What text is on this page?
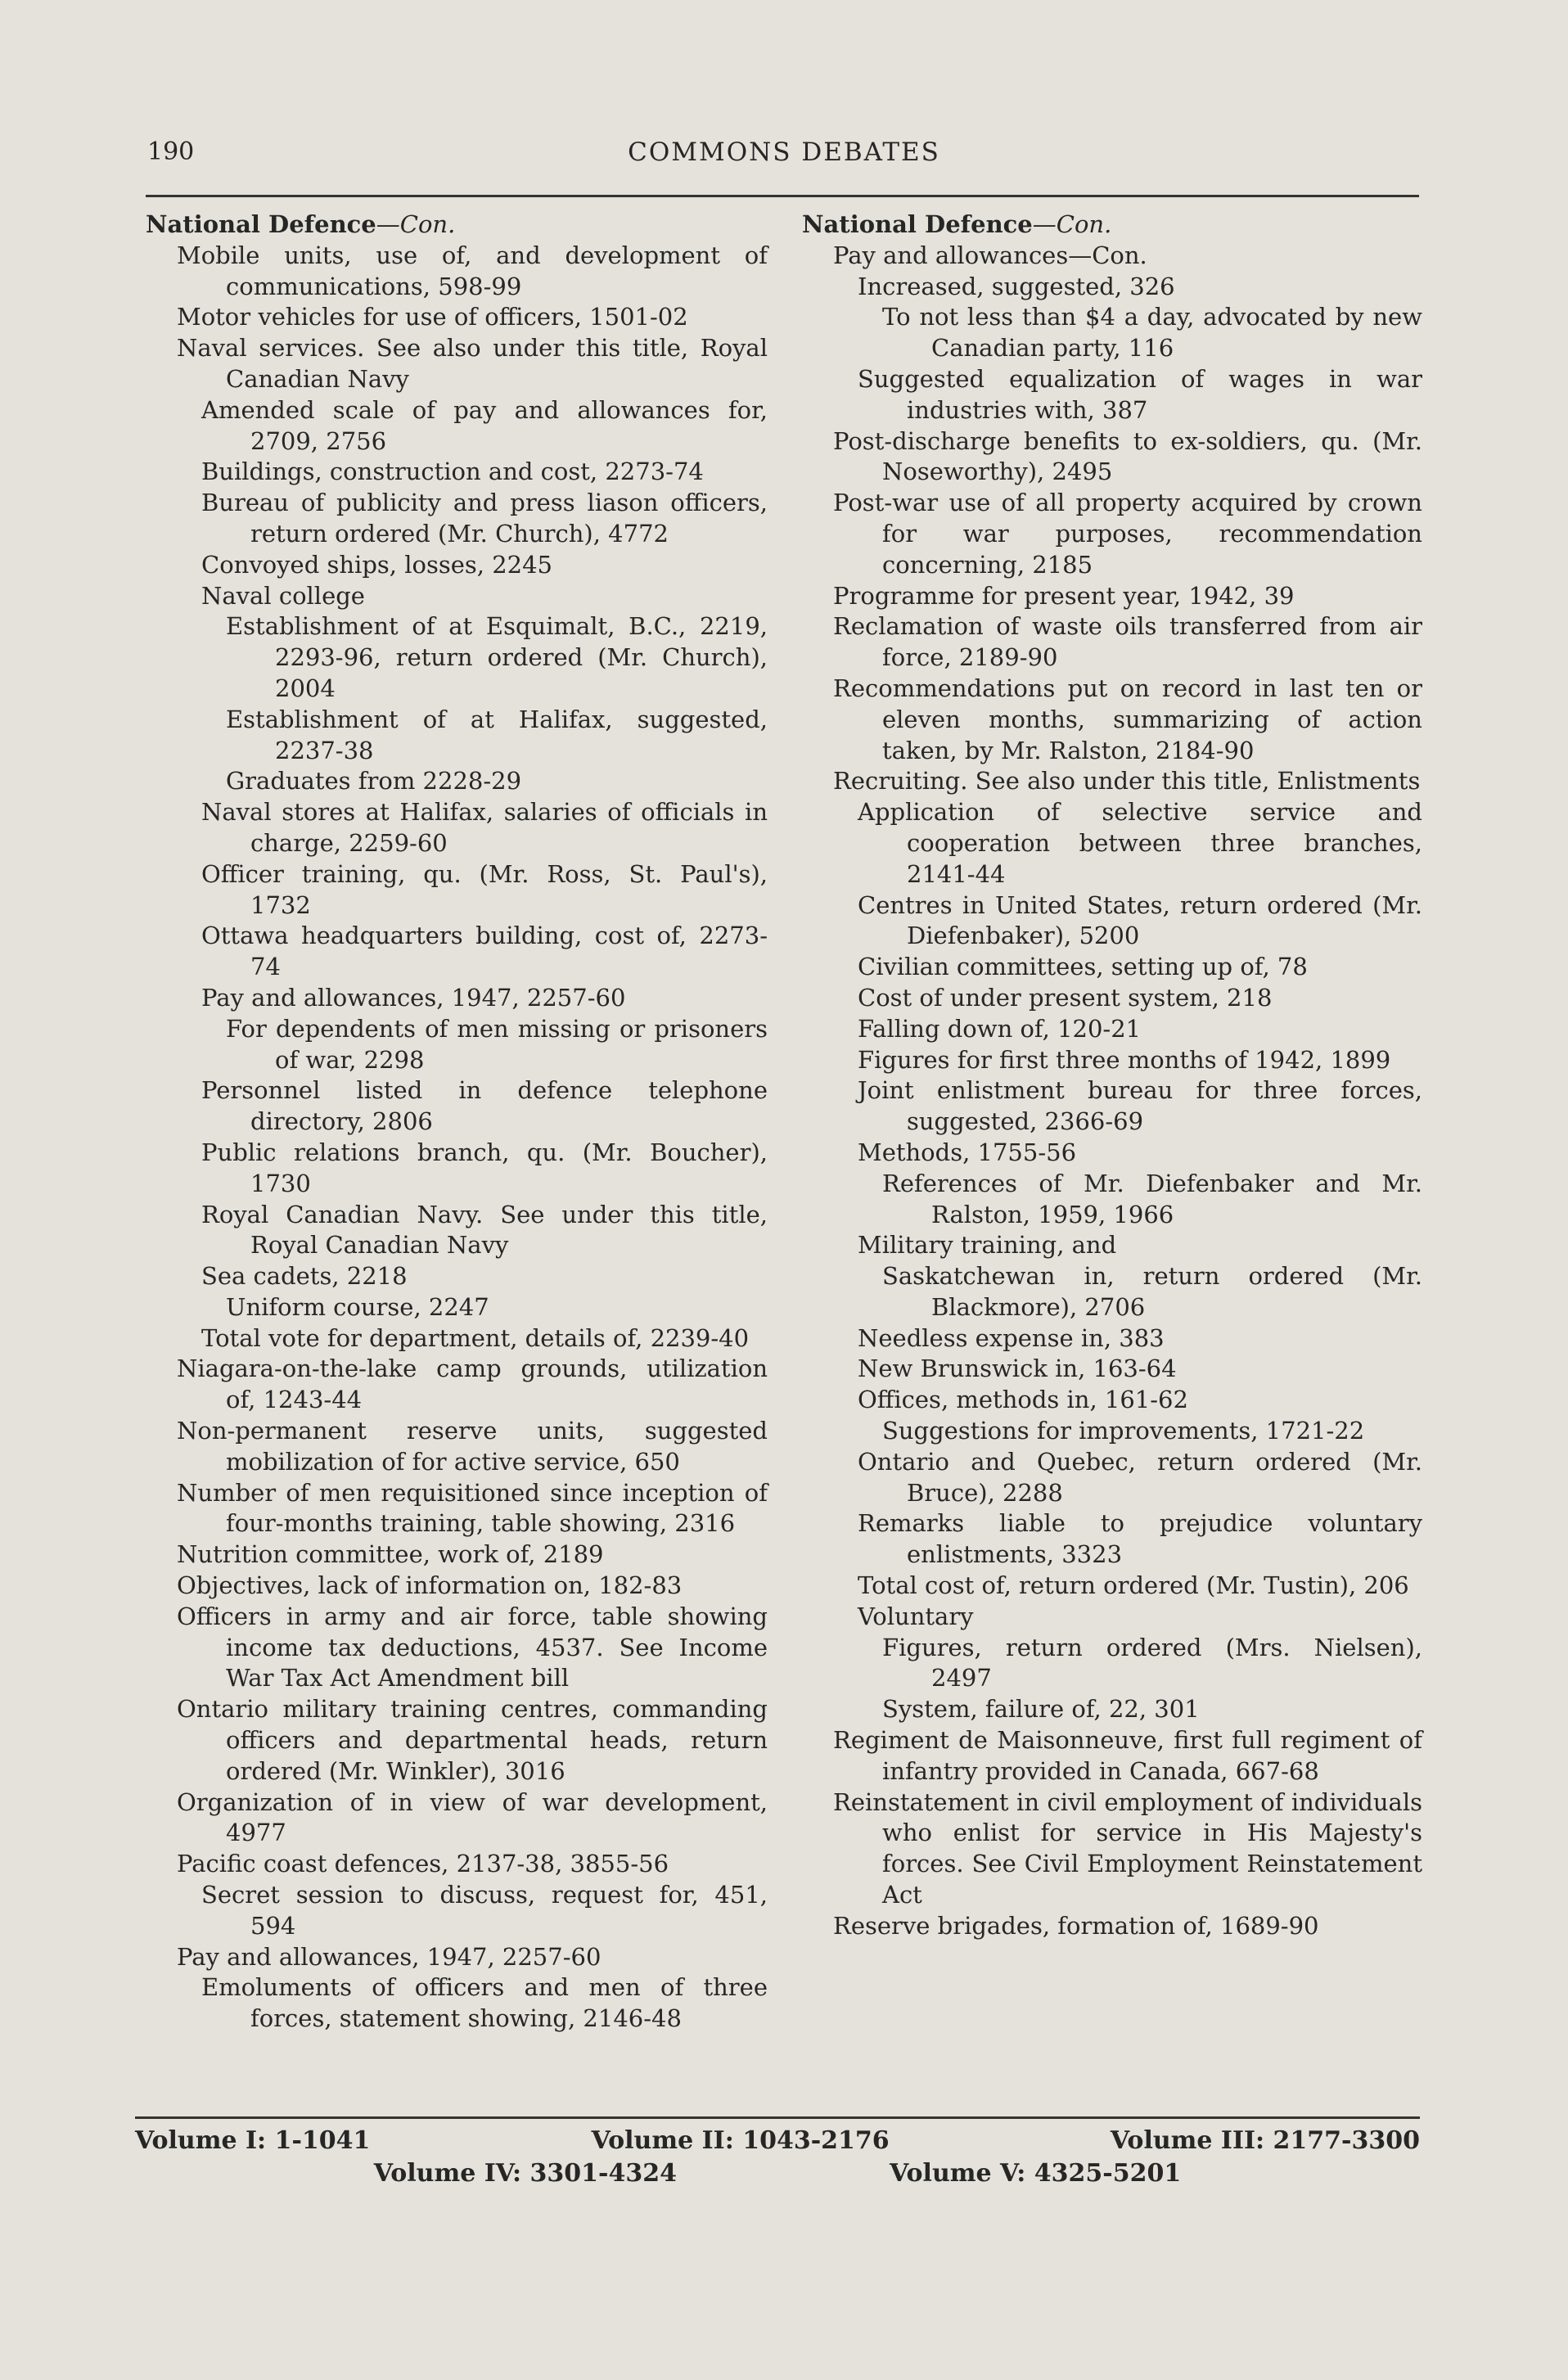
190	COMMONS DEBATES
National Defence—Con.

Mobile units, use of, and development of communications, 598-99

Motor vehicles for use of officers, 1501-02

Naval services. See also under this title, Royal Canadian Navy

Amended scale of pay and allowances for, 2709, 2756

Buildings, construction and cost, 2273-74

Bureau of publicity and press liason officers, return ordered (Mr. Church), 4772

Convoyed ships, losses, 2245

Naval college

Establishment of at Esquimalt, B.C., 2219, 2293-96, return ordered (Mr. Church), 2004

Establishment of at Halifax, suggested, 2237-38

Graduates from 2228-29

Naval stores at Halifax, salaries of officials in charge, 2259-60

Officer training, qu. (Mr. Ross, St. Paul's), 1732

Ottawa headquarters building, cost of, 2273-74

Pay and allowances, 1947, 2257-60

For dependents of men missing or prisoners of war, 2298

Personnel listed in defence telephone directory, 2806

Public relations branch, qu. (Mr. Boucher), 1730

Royal Canadian Navy. See under this title, Royal Canadian Navy

Sea cadets, 2218

Uniform course, 2247

Total vote for department, details of, 2239-40

Niagara-on-the-lake camp grounds, utilization of, 1243-44

Non-permanent reserve units, suggested mobilization of for active service, 650

Number of men requisitioned since inception of four-months training, table showing, 2316

Nutrition committee, work of, 2189

Objectives, lack of information on, 182-83

Officers in army and air force, table showing income tax deductions, 4537. See Income War Tax Act Amendment bill

Ontario military training centres, commanding officers and departmental heads, return ordered (Mr. Winkler), 3016

Organization of in view of war development, 4977

Pacific coast defences, 2137-38, 3855-56

Secret session to discuss, request for, 451, 594

Pay and allowances, 1947, 2257-60

Emoluments of officers and men of three forces, statement showing, 2146-48

National Defence—Con.

Pay and allowances—Con.

Increased, suggested, 326

To not less than $4 a day, advocated by new Canadian party, 116

Suggested equalization of wages in war industries with, 387

Post-discharge benefits to ex-soldiers, qu. (Mr. Noseworthy), 2495

Post-war use of all property acquired by crown for war purposes, recommendation concerning, 2185

Programme for present year, 1942, 39

Reclamation of waste oils transferred from air force, 2189-90

Recommendations put on record in last ten or eleven months, summarizing of action taken, by Mr. Ralston, 2184-90

Recruiting. See also under this title, Enlistments

Application of selective service and cooperation between three branches, 2141-44

Centres in United States, return ordered (Mr. Diefenbaker), 5200

Civilian committees, setting up of, 78

Cost of under present system, 218

Falling down of, 120-21

Figures for first three months of 1942, 1899

Joint enlistment bureau for three forces, suggested, 2366-69

Methods, 1755-56

References of Mr. Diefenbaker and Mr. Ralston, 1959, 1966

Military training, and

Saskatchewan in, return ordered (Mr. Blackmore), 2706

Needless expense in, 383

New Brunswick in, 163-64

Offices, methods in, 161-62

Suggestions for improvements, 1721-22

Ontario and Quebec, return ordered (Mr. Bruce), 2288

Remarks liable to prejudice voluntary enlistments, 3323

Total cost of, return ordered (Mr. Tustin), 206

Voluntary

Figures, return ordered (Mrs. Nielsen), 2497

System, failure of, 22, 301

Regiment de Maisonneuve, first full regiment of infantry provided in Canada, 667-68

Reinstatement in civil employment of individuals who enlist for service in His Majesty's forces. See Civil Employment Reinstatement Act

Reserve brigades, formation of, 1689-90

Volume I: 1-1041	Volume II: 1043-2176	Volume III: 2177-3300
Volume IV: 3301-4324	Volume V: 4325-5201
